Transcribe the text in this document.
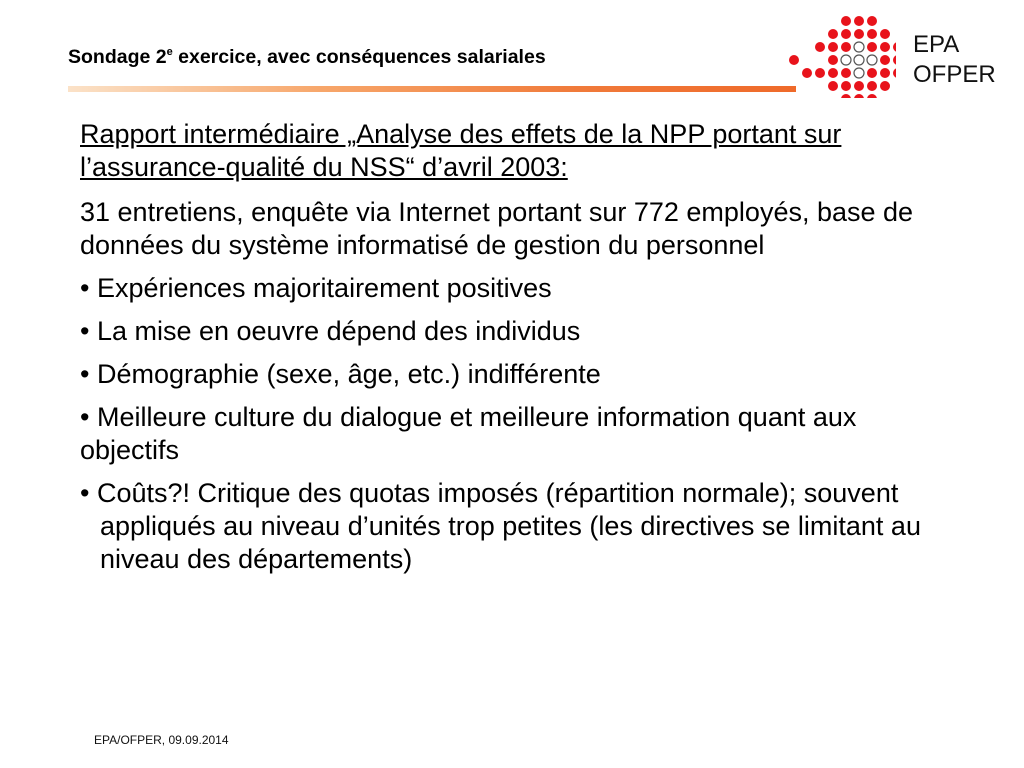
Sondage 2e exercice, avec conséquences salariales	EPA
OFPER
Rapport intermédiaire „Analyse des effets de la NPP portant sur l’assurance-qualité du NSS“ d’avril 2003:
31 entretiens, enquête via Internet portant sur 772 employés, base de données du système informatisé de gestion du personnel
• Expériences majoritairement positives
• La mise en oeuvre dépend des individus
• Démographie (sexe, âge, etc.) indifférente
• Meilleure culture du dialogue et meilleure information quant aux objectifs
• Coûts?! Critique des quotas imposés (répartition normale); souvent appliqués au niveau d’unités trop petites (les directives se limitant au niveau des départements)
EPA/OFPER, 09.09.2014
